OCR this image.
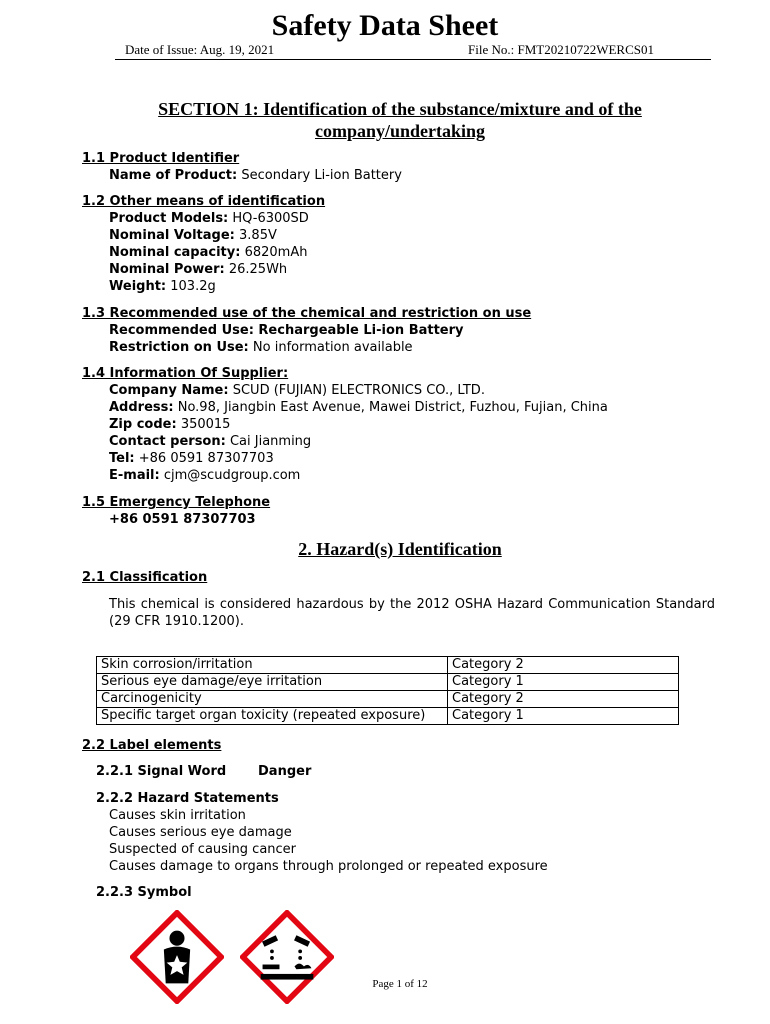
Safety Data Sheet
Date of Issue: Aug. 19, 2021	File No.: FMT20210722WERCS01
SECTION 1: Identification of the substance/mixture and of the
company/undertaking
1.1 Product Identifier
Name of Product: Secondary Li-ion Battery
1.2 Other means of identification
Product Models: HQ-6300SD
Nominal Voltage: 3.85V
Nominal capacity: 6820mAh
Nominal Power: 26.25Wh
Weight: 103.2g
1.3 Recommended use of the chemical and restriction on use
Recommended Use: Rechargeable Li-ion Battery
Restriction on Use: No information available
1.4 Information Of Supplier:
Company Name: SCUD (FUJIAN) ELECTRONICS CO., LTD.
Address: No.98, Jiangbin East Avenue, Mawei District, Fuzhou, Fujian, China
Zip code: 350015
Contact person: Cai Jianming
Tel: +86 0591 87307703
E-mail: cjm@scudgroup.com
1.5 Emergency Telephone
+86 0591 87307703
2. Hazard(s) Identification
2.1 Classification
This chemical is considered hazardous by the 2012 OSHA Hazard Communication Standard (29 CFR 1910.1200).
Skin corrosion/irritation	Category 2
Serious eye damage/eye irritation	Category 1
Carcinogenicity	Category 2
Specific target organ toxicity (repeated exposure)	Category 1
2.2 Label elements
2.2.1 Signal Word Danger
2.2.2 Hazard Statements
Causes skin irritation
Causes serious eye damage
Suspected of causing cancer
Causes damage to organs through prolonged or repeated exposure
2.2.3 Symbol
Page 1 of 12
